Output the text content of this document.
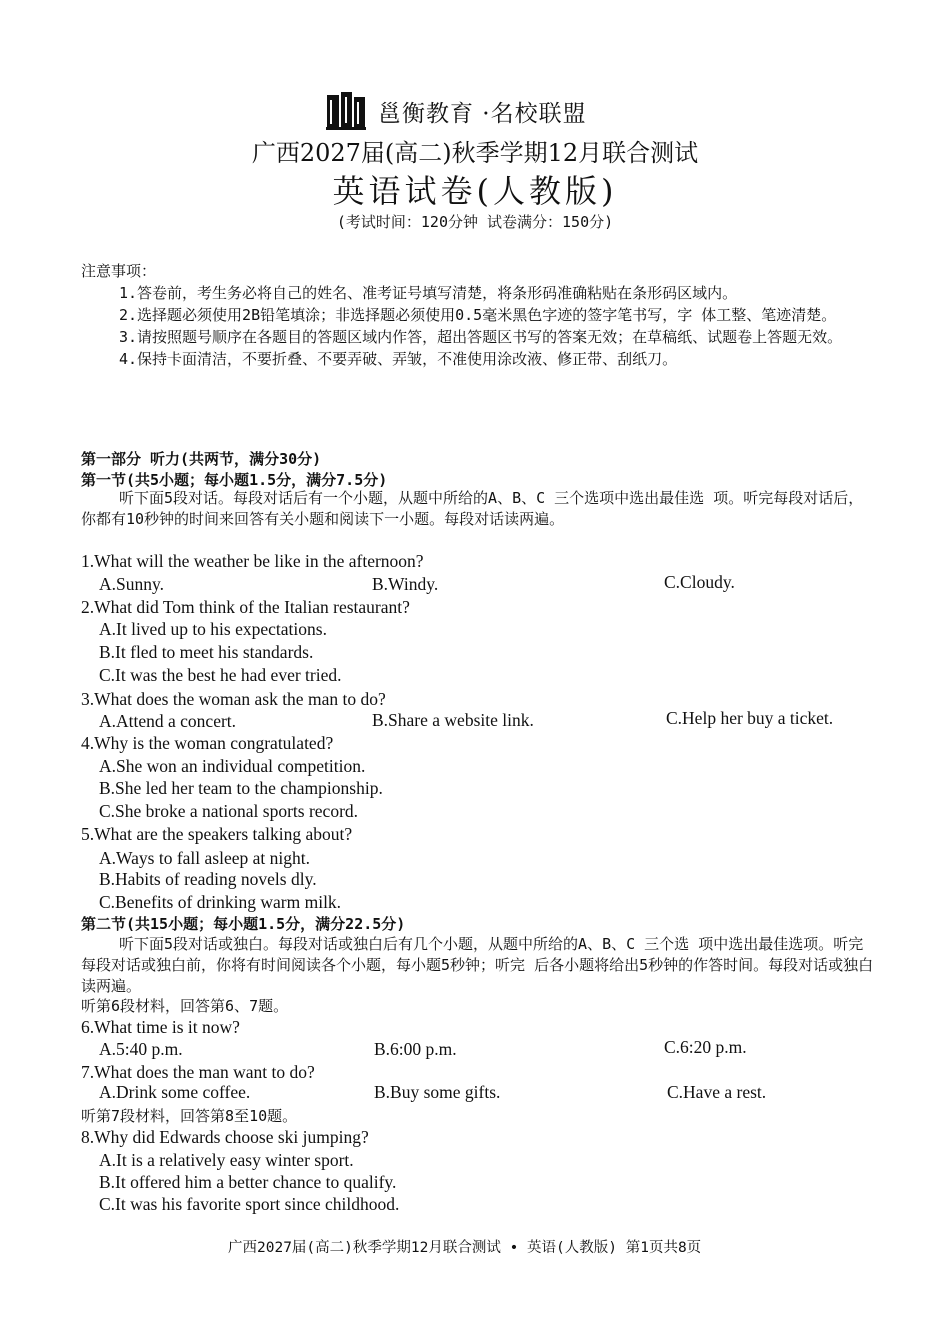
邕衡教育 ·名校联盟
广西2027届(高二)秋季学期12月联合测试
英语试卷(人教版)
(考试时间：120分钟 试卷满分：150分)

注意事项：

1.答卷前，考生务必将自己的姓名、准考证号填写清楚，将条形码准确粘贴在条形码区域内。

2.选择题必须使用2B铅笔填涂；非选择题必须使用0.5毫米黑色字迹的签字笔书写，字 体工整、笔迹清楚。

3.请按照题号顺序在各题目的答题区域内作答，超出答题区书写的答案无效；在草稿纸、试题卷上答题无效。

4.保持卡面清洁，不要折叠、不要弄破、弄皱，不准使用涂改液、修正带、刮纸刀。

第一部分 听力(共两节，满分30分)
第一节(共5小题；每小题1.5分，满分7.5分)
听下面5段对话。每段对话后有一个小题，从题中所给的A、B、C 三个选项中选出最佳选 项。听完每段对话后，你都有10秒钟的时间来回答有关小题和阅读下一小题。每段对话读两遍。
1.What will the weather be like in the afternoon?
A.Sunny.	B.Windy.	C.Cloudy.
2.What did Tom think of the Italian restaurant?
A.It lived up to his expectations.
B.It fled to meet his standards.
C.It was the best he had ever tried.
3.What does the woman ask the man to do?
A.Attend a concert.	B.Share a website link.	C.Help her buy a ticket.
4.Why is the woman congratulated?
A.She won an individual competition.
B.She led her team to the championship.
C.She broke a national sports record.
5.What are the speakers talking about?
A.Ways to fall asleep at night.
B.Habits of reading novels dly.
C.Benefits of drinking warm milk.
第二节(共15小题；每小题1.5分，满分22.5分)
听下面5段对话或独白。每段对话或独白后有几个小题，从题中所给的A、B、C 三个选 项中选出最佳选项。听完每段对话或独白前，你将有时间阅读各个小题，每小题5秒钟；听完 后各小题将给出5秒钟的作答时间。每段对话或独白读两遍。
听第6段材料，回答第6、7题。
6.What time is it now?
A.5:40 p.m.	B.6:00 p.m.	C.6:20 p.m.
7.What does the man want to do?
A.Drink some coffee.	B.Buy some gifts.	C.Have a rest.
听第7段材料，回答第8至10题。
8.Why did Edwards choose ski jumping?
A.It is a relatively easy winter sport.
B.It offered him a better chance to qualify.
C.It was his favorite sport since childhood.
广西2027届(高二)秋季学期12月联合测试 • 英语(人教版) 第1页共8页
